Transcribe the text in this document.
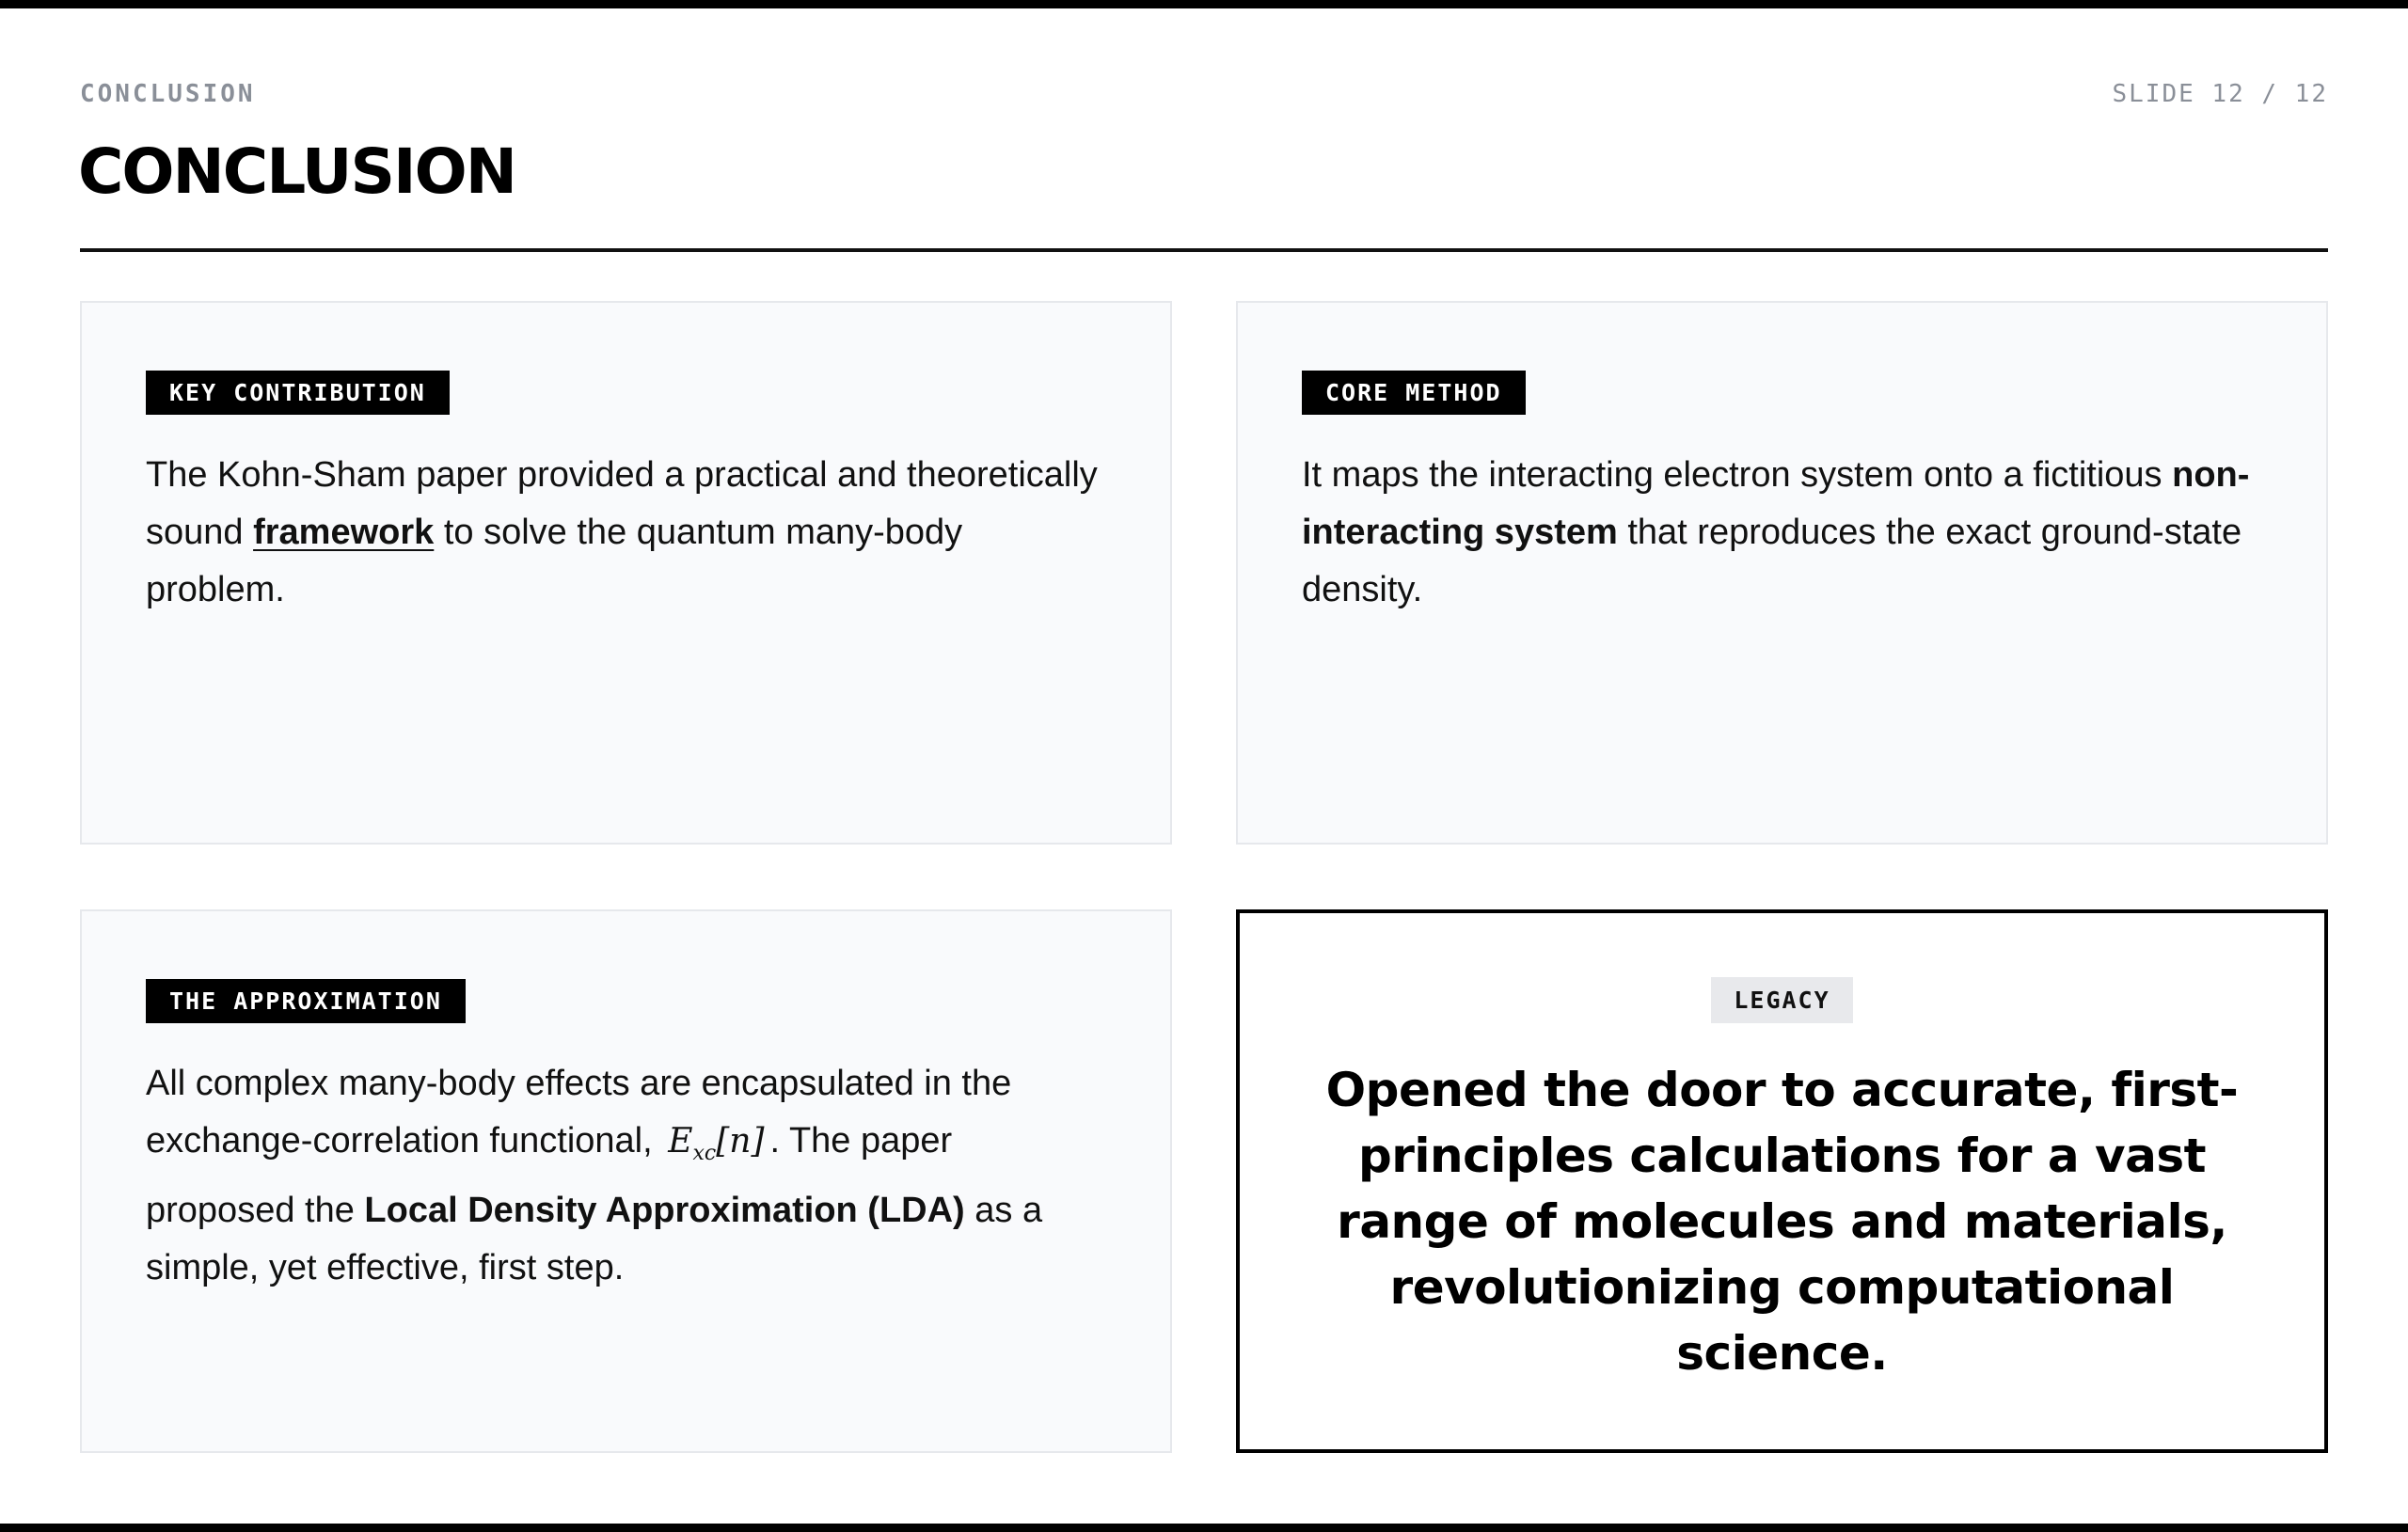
CONCLUSION	SLIDE 12 / 12
CONCLUSION
KEY CONTRIBUTION
The Kohn-Sham paper provided a practical and theoretically sound framework to solve the quantum many-body problem.
CORE METHOD
It maps the interacting electron system onto a fictitious non-interacting system that reproduces the exact ground-state density.
THE APPROXIMATION
All complex many-body effects are encapsulated in the exchange-correlation functional, $E_{xc}[n]$ . The paper proposed the Local Density Approximation (LDA) as a simple, yet effective, first step.
LEGACY
Opened the door to accurate, first-principles calculations for a vast range of molecules and materials, revolutionizing computational science.
